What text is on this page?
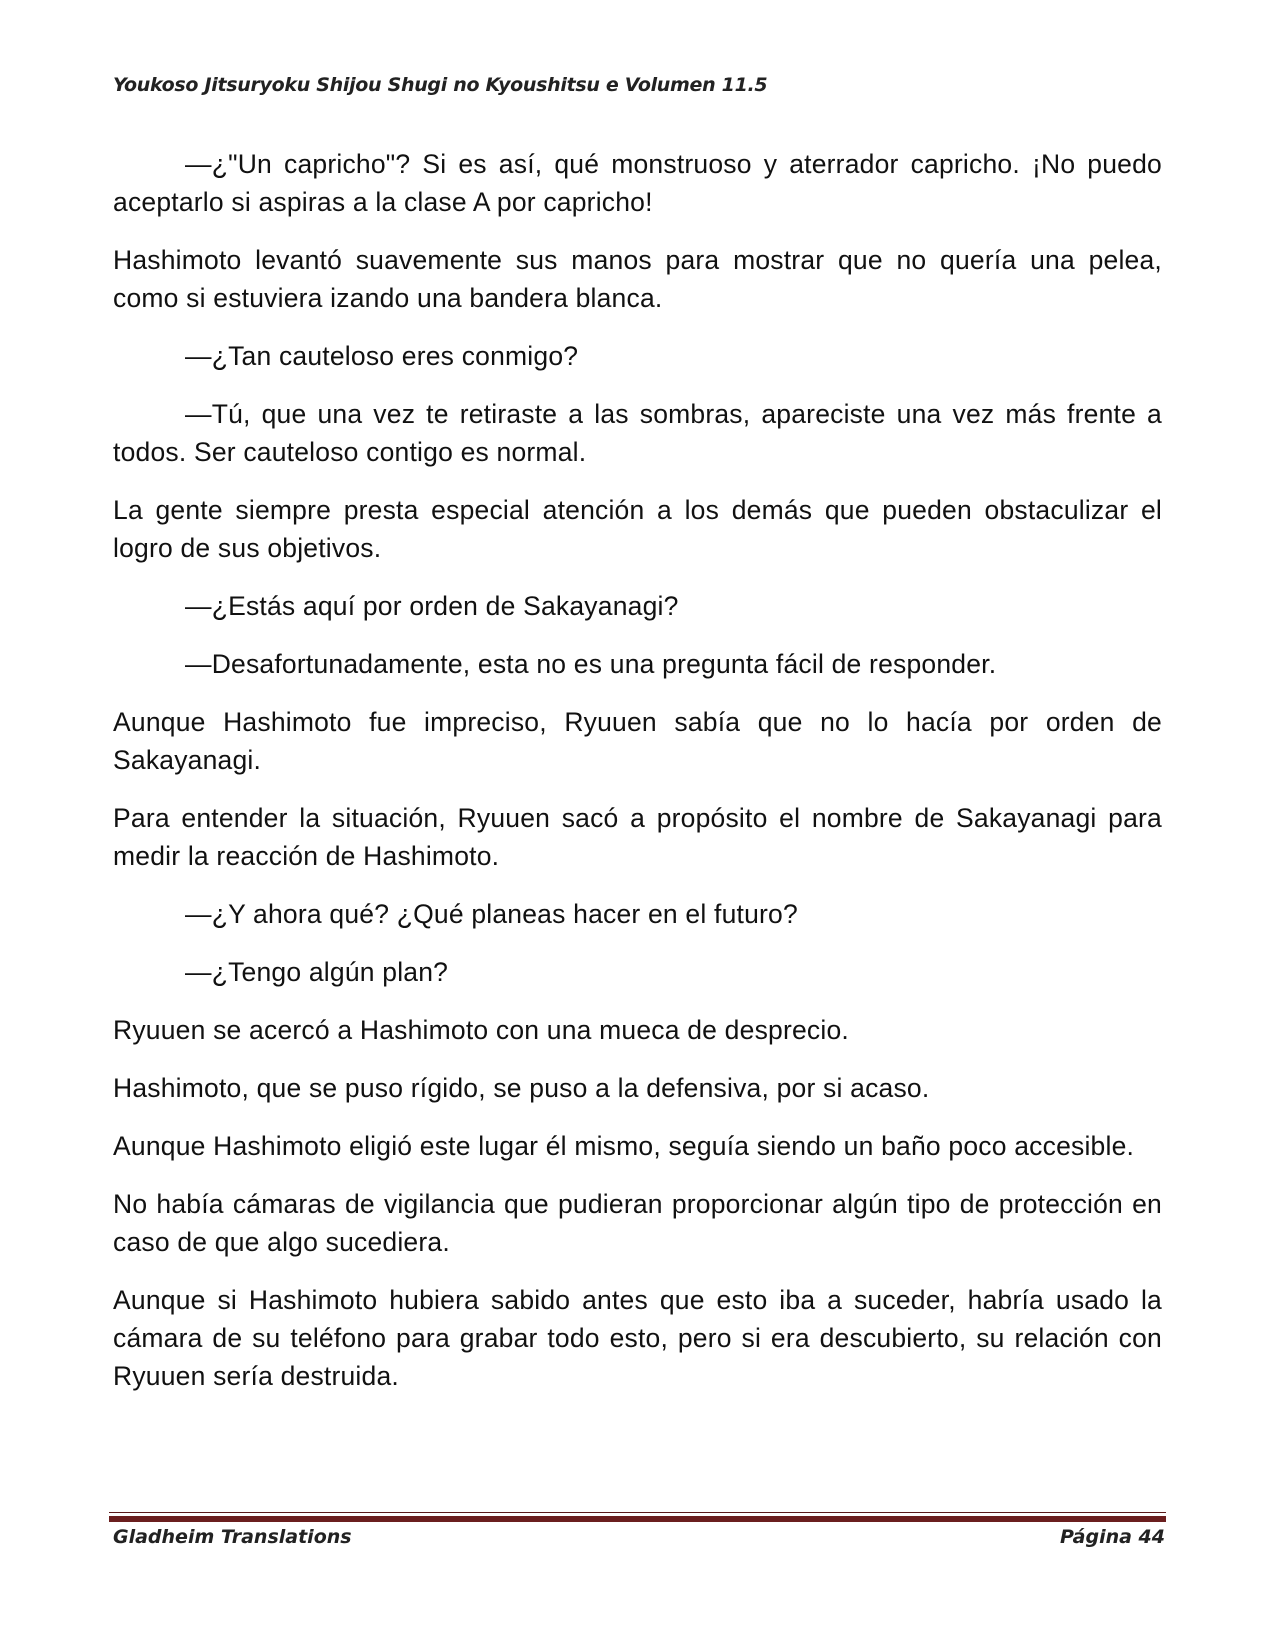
Youkoso Jitsuryoku Shijou Shugi no Kyoushitsu e Volumen 11.5

—¿"Un capricho"? Si es así, qué monstruoso y aterrador capricho. ¡No puedo aceptarlo si aspiras a la clase A por capricho!

Hashimoto levantó suavemente sus manos para mostrar que no quería una pelea, como si estuviera izando una bandera blanca.

—¿Tan cauteloso eres conmigo?

—Tú, que una vez te retiraste a las sombras, apareciste una vez más frente a todos. Ser cauteloso contigo es normal.

La gente siempre presta especial atención a los demás que pueden obstaculizar el logro de sus objetivos.

—¿Estás aquí por orden de Sakayanagi?

—Desafortunadamente, esta no es una pregunta fácil de responder.

Aunque Hashimoto fue impreciso, Ryuuen sabía que no lo hacía por orden de Sakayanagi.

Para entender la situación, Ryuuen sacó a propósito el nombre de Sakayanagi para medir la reacción de Hashimoto.

—¿Y ahora qué? ¿Qué planeas hacer en el futuro?

—¿Tengo algún plan?

Ryuuen se acercó a Hashimoto con una mueca de desprecio.

Hashimoto, que se puso rígido, se puso a la defensiva, por si acaso.

Aunque Hashimoto eligió este lugar él mismo, seguía siendo un baño poco accesible.

No había cámaras de vigilancia que pudieran proporcionar algún tipo de protección en caso de que algo sucediera.

Aunque si Hashimoto hubiera sabido antes que esto iba a suceder, habría usado la cámara de su teléfono para grabar todo esto, pero si era descubierto, su relación con Ryuuen sería destruida.

Gladheim Translations	Página 44
